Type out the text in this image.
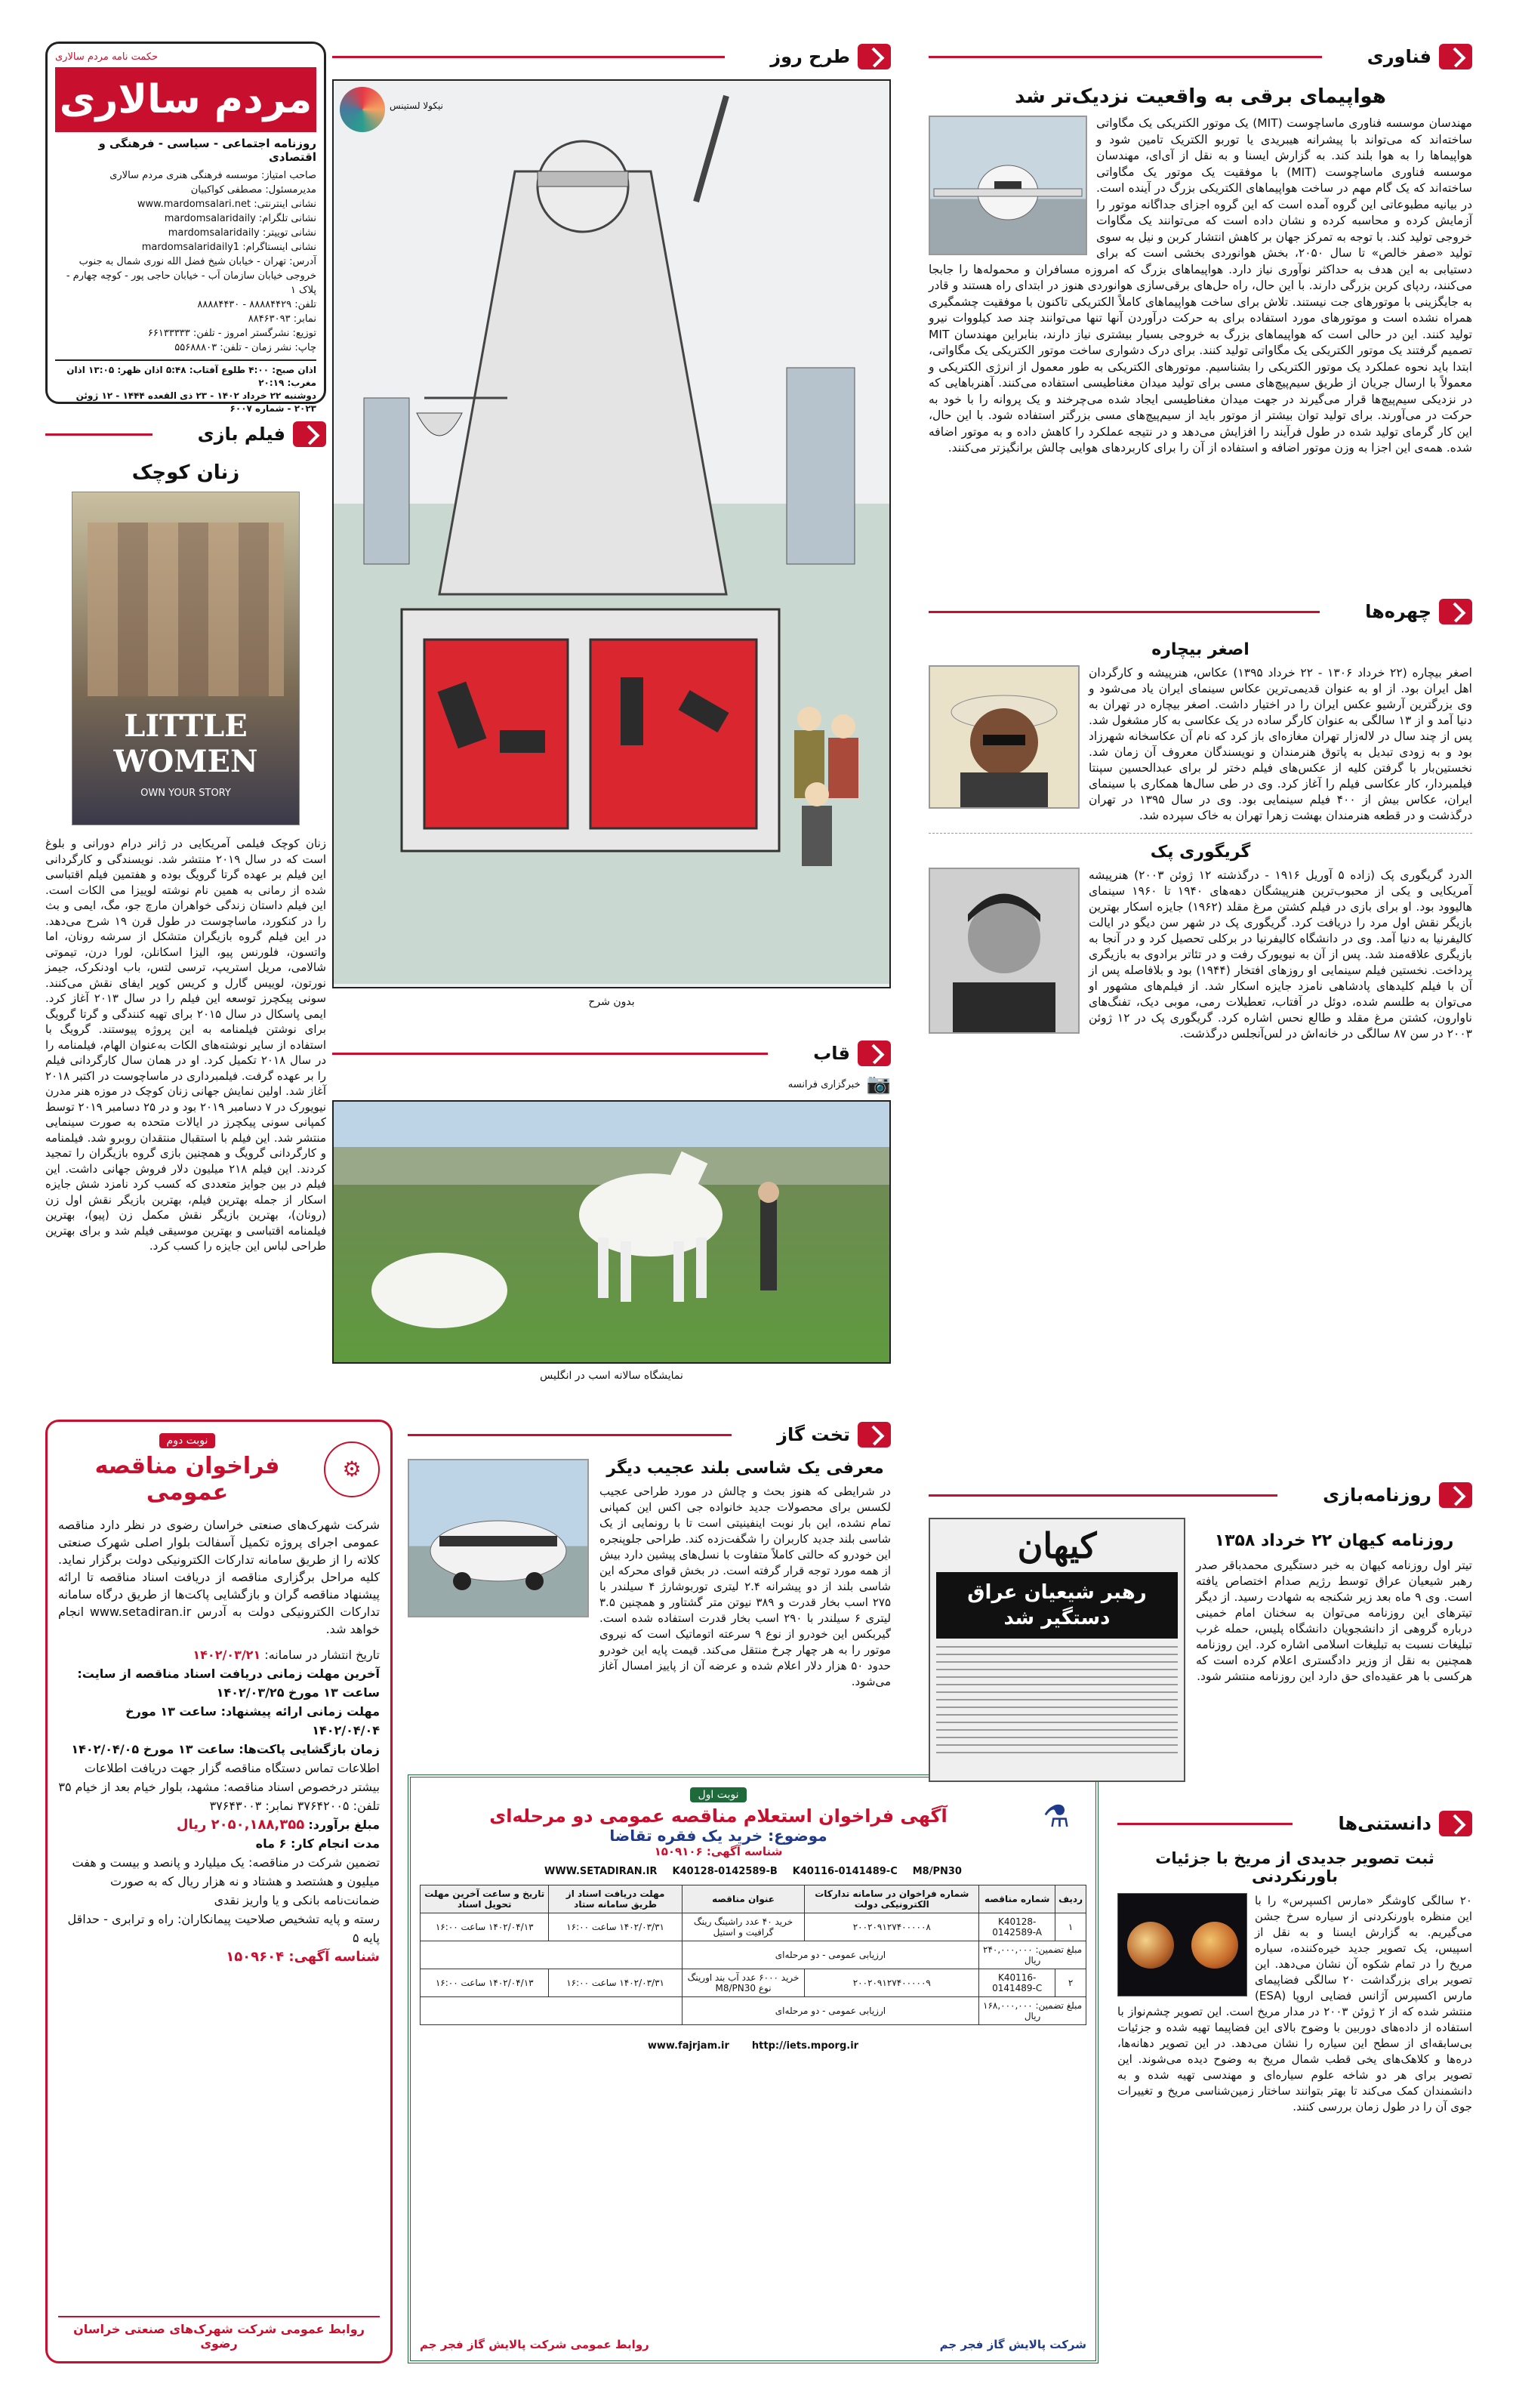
حکمت نامه مردم سالاری
مردم سالاری
روزنامه اجتماعی - سیاسی - فرهنگی و اقتصادی
صاحب امتیاز: موسسه فرهنگی هنری مردم سالاری
مدیرمسئول: مصطفی کواکبیان
نشانی اینترنتی: www.mardomsalari.net
نشانی تلگرام: mardomsalaridaily
نشانی توییتر: mardomsalaridaily
نشانی اینستاگرام: mardomsalaridaily1
آدرس: تهران - خیابان شیخ فضل الله نوری شمال به جنوب خروجی خیابان سازمان آب - خیابان حاجی پور - کوچه چهارم - پلاک ۱
تلفن: ۸۸۸۸۴۴۲۹ - ۸۸۸۸۴۴۳۰
نمابر: ۸۸۴۶۳۰۹۳
توزیع: نشرگستر امروز - تلفن: ۶۶۱۳۳۳۳۳
چاپ: نشر زمان - تلفن: ۵۵۶۸۸۸۰۳
اذان صبح: ۴:۰۰ طلوع آفتاب: ۵:۴۸ اذان ظهر: ۱۳:۰۵ اذان مغرب: ۲۰:۱۹
دوشنبه ۲۲ خرداد ۱۴۰۲ - ۲۳ ذی القعده ۱۴۴۴ - ۱۲ ژوئن ۲۰۲۳ - شماره ۶۰۰۷
فیلم بازی
زنان کوچک
LITTLE WOMEN
OWN YOUR STORY
زنان کوچک فیلمی آمریکایی در ژانر درام دورانی و بلوغ است که در سال ۲۰۱۹ منتشر شد. نویسندگی و کارگردانی این فیلم بر عهده گرتا گرویگ بوده و هفتمین فیلم اقتباسی شده از رمانی به همین نام نوشته لوییزا می الکات است. این فیلم داستان زندگی خواهران مارچ جو، مگ، ایمی و بث را در کنکورد، ماساچوست در طول قرن ۱۹ شرح می‌دهد. در این فیلم گروه بازیگران متشکل از سرشه رونان، اما واتسون، فلورنس پیو، الیزا اسکانلن، لورا درن، تیموتی شالامی، مریل استریپ، ترسی لتس، باب اودنکرک، جیمز نورتون، لوییس گارل و کریس کوپر ایفای نقش می‌کنند. سونی پیکچرز توسعه این فیلم را در سال ۲۰۱۳ آغاز کرد. ایمی پاسکال در سال ۲۰۱۵ برای تهیه کنندگی و گرتا گرویگ برای نوشتن فیلمنامه به این پروژه پیوستند. گرویگ با استفاده از سایر نوشته‌های الکات به‌عنوان الهام، فیلمنامه را در سال ۲۰۱۸ تکمیل کرد. او در همان سال کارگردانی فیلم را بر عهده گرفت. فیلمبرداری در ماساچوست در اکتبر ۲۰۱۸ آغاز شد. اولین نمایش جهانی زنان کوچک در موزه هنر مدرن نیویورک در ۷ دسامبر ۲۰۱۹ بود و در ۲۵ دسامبر ۲۰۱۹ توسط کمپانی سونی پیکچرز در ایالات متحده به صورت سینمایی منتشر شد. این فیلم با استقبال منتقدان روبرو شد. فیلمنامه و کارگردانی گرویگ و همچنین بازی گروه بازیگران را تمجید کردند. این فیلم ۲۱۸ میلیون دلار فروش جهانی داشت. این فیلم در بین جوایز متعددی که کسب کرد نامزد شش جایزه اسکار از جمله بهترین فیلم، بهترین بازیگر نقش اول زن (رونان)، بهترین بازیگر نقش مکمل زن (پیو)، بهترین فیلمنامه اقتباسی و بهترین موسیقی فیلم شد و برای بهترین طراحی لباس این جایزه را کسب کرد.
⚙
نوبت دوم
فراخوان مناقصه عمومی
شرکت شهرک‌های صنعتی خراسان رضوی در نظر دارد مناقصه عمومی اجرای پروژه تکمیل آسفالت بلوار اصلی شهرک صنعتی کلاته را از طریق سامانه تدارکات الکترونیکی دولت برگزار نماید. کلیه مراحل برگزاری مناقصه از دریافت اسناد مناقصه تا ارائه پیشنهاد مناقصه گران و بازگشایی پاکت‌ها از طریق درگاه سامانه تدارکات الکترونیکی دولت به آدرس www.setadiran.ir انجام خواهد شد.
تاریخ انتشار در سامانه: ۱۴۰۲/۰۳/۲۱
آخرین مهلت زمانی دریافت اسناد مناقصه از سایت: ساعت ۱۳ مورخ ۱۴۰۲/۰۳/۲۵
مهلت زمانی ارائه پیشنهاد: ساعت ۱۳ مورخ ۱۴۰۲/۰۴/۰۴
زمان بازگشایی پاکت‌ها: ساعت ۱۳ مورخ ۱۴۰۲/۰۴/۰۵
اطلاعات تماس دستگاه مناقصه گزار جهت دریافت اطلاعات بیشتر درخصوص اسناد مناقصه: مشهد، بلوار خیام بعد از خیام ۳۵ تلفن: ۳۷۶۴۲۰۰۵ نمابر: ۳۷۶۴۳۰۰۳
مبلغ برآورد: ۲۰۵۰,۱۸۸,۳۵۵ ریال
مدت انجام کار: ۶ ماه
تضمین شرکت در مناقصه: یک میلیارد و پانصد و بیست و هفت میلیون و هشتصد و هشتاد و نه هزار ریال که به صورت ضمانت‌نامه بانکی و یا واریز نقدی
رسته و پایه تشخیص صلاحیت پیمانکاران: راه و ترابری - حداقل پایه ۵
شناسه آگهی: ۱۵۰۹۶۰۴
روابط عمومی شرکت شهرک‌های صنعتی خراسان رضوی
طرح روز
نیکولا لستینس
بدون شرح
قاب
📷
خبرگزاری فرانسه
نمایشگاه سالانه اسب در انگلیس
تخت گاز
معرفی یک شاسی بلند عجیب دیگر
در شرایطی که هنوز بحث و چالش در مورد طراحی عجیب لکسس برای محصولات جدید خانواده جی اکس این کمپانی تمام نشده، این بار نوبت اینفینیتی است تا با رونمایی از یک شاسی بلند جدید کاربران را شگفت‌زده کند. طراحی جلوپنجره این خودرو که حالتی کاملاً متفاوت با نسل‌های پیشین دارد بیش از همه مورد توجه قرار گرفته است. در بخش قوای محرکه این شاسی بلند از دو پیشرانه ۲.۴ لیتری توربوشارژ ۴ سیلندر با ۲۷۵ اسب بخار قدرت و ۳۸۹ نیوتن متر گشتاور و همچنین ۳.۵ لیتری ۶ سیلندر با ۲۹۰ اسب بخار قدرت استفاده شده است. گیربکس این خودرو از نوع ۹ سرعته اتوماتیک است که نیروی موتور را به هر چهار چرخ منتقل می‌کند. قیمت پایه این خودرو حدود ۵۰ هزار دلار اعلام شده و عرضه آن از پاییز امسال آغاز می‌شود.
⚗
نوبت اول
آگهی فراخوان استعلام مناقصه عمومی دو مرحله‌ای
موضوع: خرید یک فقره تقاضا
شناسه آگهی: ۱۵۰۹۱۰۶
WWW.SETADIRAN.IR K40128-0142589-B K40116-0141489-C M8/PN30
ردیف	شماره مناقصه	شماره فراخوان در سامانه تدارکات الکترونیکی دولت	عنوان مناقصه	مهلت دریافت اسناد از طریق سامانه ستاد	تاریخ و ساعت آخرین مهلت تحویل اسناد
۱	K40128-0142589-A	۲۰۰۲۰۹۱۲۷۴۰۰۰۰۰۸	خرید ۴۰ عدد راشینگ رینگ گرافیت و استیل	۱۴۰۲/۰۳/۳۱ ساعت ۱۶:۰۰	۱۴۰۲/۰۴/۱۳ ساعت ۱۶:۰۰
مبلغ تضمین: ۲۴۰,۰۰۰,۰۰۰ ریال		ارزیابی عمومی - دو مرحله‌ای			
۲	K40116-0141489-C	۲۰۰۲۰۹۱۲۷۴۰۰۰۰۰۹	خرید ۶۰۰۰ عدد آب بند اورینگ نوع M8/PN30	۱۴۰۲/۰۳/۳۱ ساعت ۱۶:۰۰	۱۴۰۲/۰۴/۱۳ ساعت ۱۶:۰۰
مبلغ تضمین: ۱۶۸,۰۰۰,۰۰۰ ریال		ارزیابی عمومی - دو مرحله‌ای			
www.fajrjam.ir http://iets.mporg.ir
شرکت پالایش گاز فجر جم
روابط عمومی شرکت پالایش گاز فجر جم
فناوری
هواپیمای برقی به واقعیت نزدیک‌تر شد
مهندسان موسسه فناوری ماساچوست (MIT) یک موتور الکتریکی یک مگاواتی ساخته‌اند که می‌تواند با پیشرانه هیبریدی یا توربو الکتریک تامین شود و هواپیماها را به هوا بلند کند. به گزارش ایسنا و به نقل از آی‌ای، مهندسان موسسه فناوری ماساچوست (MIT) با موفقیت یک موتور یک مگاواتی ساخته‌اند که یک گام مهم در ساخت هواپیماهای الکتریکی بزرگ در آینده است. در بیانیه مطبوعاتی این گروه آمده است که این گروه اجزای جداگانه موتور را آزمایش کرده و محاسبه کرده و نشان داده است که می‌توانند یک مگاوات خروجی تولید کند. با توجه به تمرکز جهان بر کاهش انتشار کربن و نیل به سوی تولید «صفر خالص» تا سال ۲۰۵۰، بخش هوانوردی بخشی است که برای دستیابی به این هدف به حداکثر نوآوری نیاز دارد. هواپیماهای بزرگ که امروزه مسافران و محموله‌ها را جابجا می‌کنند، ردپای کربن بزرگی دارند. با این حال، راه حل‌های برقی‌سازی هوانوردی هنوز در ابتدای راه هستند و قادر به جایگزینی با موتورهای جت نیستند. تلاش برای ساخت هواپیماهای کاملاً الکتریکی تاکنون با موفقیت چشمگیری همراه نشده است و موتورهای مورد استفاده برای به حرکت درآوردن آنها تنها می‌توانند چند صد کیلووات نیرو تولید کنند. این در حالی است که هواپیماهای بزرگ به خروجی بسیار بیشتری نیاز دارند، بنابراین مهندسان MIT تصمیم گرفتند یک موتور الکتریکی یک مگاواتی تولید کنند. برای درک دشواری ساخت موتور الکتریکی یک مگاواتی، ابتدا باید نحوه عملکرد یک موتور الکتریکی را بشناسیم. موتورهای الکتریکی به طور معمول از انرژی الکتریکی و معمولاً با ارسال جریان از طریق سیم‌پیچ‌های مسی برای تولید میدان مغناطیسی استفاده می‌کنند. آهنرباهایی که در نزدیکی سیم‌پیچ‌ها قرار می‌گیرند در جهت میدان مغناطیسی ایجاد شده می‌چرخند و یک پروانه را با خود به حرکت در می‌آورند. برای تولید توان بیشتر از موتور باید از سیم‌پیچ‌های مسی بزرگتر استفاده شود. با این حال، این کار گرمای تولید شده در طول فرآیند را افزایش می‌دهد و در نتیجه عملکرد را کاهش داده و به موتور اضافه شده. همه‌ی این اجزا به وزن موتور اضافه و استفاده از آن را برای کاربردهای هوایی چالش برانگیزتر می‌کنند.
چهره‌ها
اصغر بیچاره
اصغر بیچاره (۲۲ خرداد ۱۳۰۶ - ۲۲ خرداد ۱۳۹۵) عکاس، هنرپیشه و کارگردان اهل ایران بود. از او به عنوان قدیمی‌ترین عکاس سینمای ایران یاد می‌شود و وی بزرگترین آرشیو عکس ایران را در اختیار داشت. اصغر بیچاره در تهران به دنیا آمد و از ۱۳ سالگی به عنوان کارگر ساده در یک عکاسی به کار مشغول شد. پس از چند سال در لاله‌زار تهران مغازه‌ای باز کرد که نام آن عکاسخانه شهرزاد بود و به زودی تبدیل به پاتوق هنرمندان و نویسندگان معروف آن زمان شد. نخستین‌بار با گرفتن کلیه از عکس‌های فیلم دختر لر برای عبدالحسین سپنتا فیلمبردار، کار عکاسی فیلم را آغاز کرد. وی در طی سال‌ها همکاری با سینمای ایران، عکاس بیش از ۴۰۰ فیلم سینمایی بود. وی در سال ۱۳۹۵ در تهران درگذشت و در قطعه هنرمندان بهشت زهرا تهران به خاک سپرده شد.
گریگوری پک
الدرد گریگوری پک (زاده ۵ آوریل ۱۹۱۶ - درگذشته ۱۲ ژوئن ۲۰۰۳) هنرپیشه آمریکایی و یکی از محبوب‌ترین هنرپیشگان دهه‌های ۱۹۴۰ تا ۱۹۶۰ سینمای هالیوود بود. او برای بازی در فیلم کشتن مرغ مقلد (۱۹۶۲) جایزه اسکار بهترین بازیگر نقش اول مرد را دریافت کرد. گریگوری پک در شهر سن دیگو در ایالت کالیفرنیا به دنیا آمد. وی در دانشگاه کالیفرنیا در برکلی تحصیل کرد و در آنجا به بازیگری علاقه‌مند شد. پس از آن به نیویورک رفت و در تئاتر برادوی به بازیگری پرداخت. نخستین فیلم سینمایی او روزهای افتخار (۱۹۴۴) بود و بلافاصله پس از آن با فیلم کلیدهای پادشاهی نامزد جایزه اسکار شد. از فیلم‌های مشهور او می‌توان به طلسم شده، دوئل در آفتاب، تعطیلات رمی، موبی دیک، تفنگ‌های ناوارون، کشتن مرغ مقلد و طالع نحس اشاره کرد. گریگوری پک در ۱۲ ژوئن ۲۰۰۳ در سن ۸۷ سالگی در خانه‌اش در لس‌آنجلس درگذشت.
روزنامه‌بازی
روزنامه کیهان ۲۲ خرداد ۱۳۵۸
تیتر اول روزنامه کیهان به خبر دستگیری محمدباقر صدر رهبر شیعیان عراق توسط رژیم صدام اختصاص یافته است. وی ۹ ماه بعد زیر شکنجه به شهادت رسید. از دیگر تیترهای این روزنامه می‌توان به سخنان امام خمینی درباره گروهی از دانشجویان دانشگاه پلیس، حمله غرب تبلیغات نسبت به تبلیغات اسلامی اشاره کرد. این روزنامه همچنین به نقل از وزیر دادگستری اعلام کرده است که هرکسی با هر عقیده‌ای حق دارد این روزنامه منتشر شود.
کیهان
رهبر شیعیان عراق دستگیر شد
دانستنی‌ها
ثبت تصویر جدیدی از مریخ با جزئیات باورنکردنی
۲۰ سالگی کاوشگر «مارس اکسپرس» را با این منظره باورنکردنی از سیاره سرخ جشن می‌گیریم. به گزارش ایسنا و به نقل از اسپیس، یک تصویر جدید خیره‌کننده، سیاره مریخ را در تمام شکوه آن نشان می‌دهد. این تصویر برای بزرگداشت ۲۰ سالگی فضاپیمای مارس اکسپرس آژانس فضایی اروپا (ESA) منتشر شده که از ۲ ژوئن ۲۰۰۳ در مدار مریخ است. این تصویر چشم‌نواز با استفاده از داده‌های دوربین با وضوح بالای این فضاپیما تهیه شده و جزئیات بی‌سابقه‌ای از سطح این سیاره را نشان می‌دهد. در این تصویر دهانه‌ها، دره‌ها و کلاهک‌های یخی قطب شمال مریخ به وضوح دیده می‌شوند. این تصویر برای هر دو شاخه علوم سیاره‌ای و مهندسی تهیه شده و به دانشمندان کمک می‌کند تا بهتر بتوانند ساختار زمین‌شناسی مریخ و تغییرات جوی آن را در طول زمان بررسی کنند.
